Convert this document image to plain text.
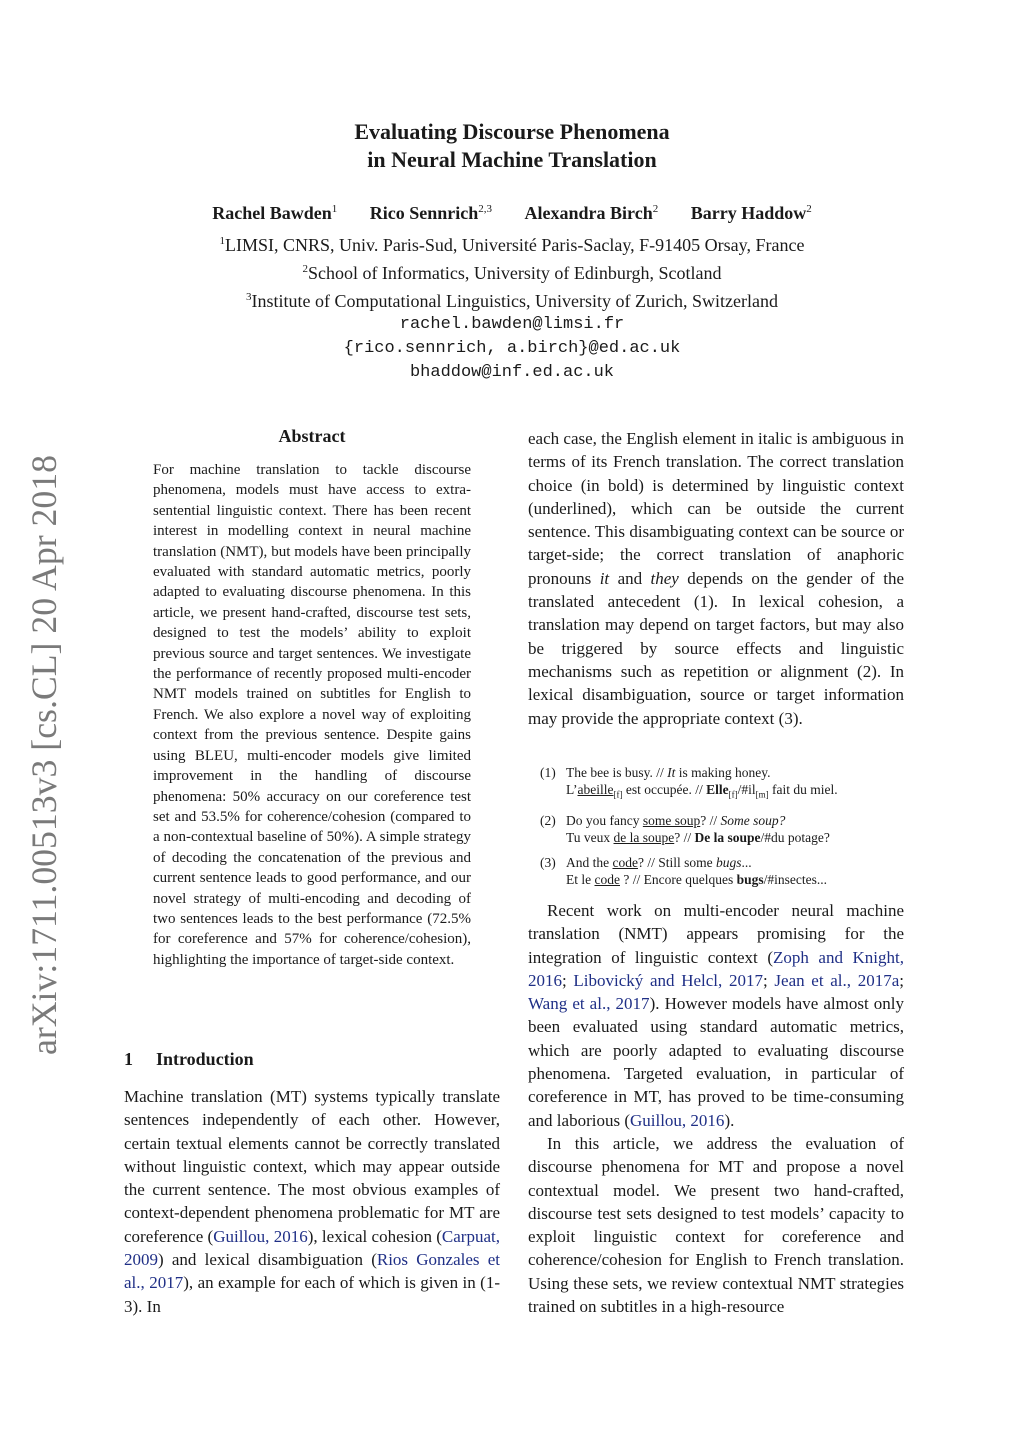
Evaluating Discourse Phenomena
in Neural Machine Translation
Rachel Bawden$^1$ Rico Sennrich$^{2,3}$ Alexandra Birch$^2$ Barry Haddow$^2$
$^1$LIMSI, CNRS, Univ. Paris-Sud, Université Paris-Saclay, F-91405 Orsay, France
$^2$School of Informatics, University of Edinburgh, Scotland
$^3$Institute of Computational Linguistics, University of Zurich, Switzerland
rachel.bawden@limsi.fr
{rico.sennrich, a.birch}@ed.ac.uk
bhaddow@inf.ed.ac.uk
arXiv:1711.00513v3 [cs.CL] 20 Apr 2018
Abstract
For machine translation to tackle discourse phenomena, models must have access to extra-sentential linguistic context. There has been recent interest in modelling context in neural machine translation (NMT), but models have been principally evaluated with standard automatic metrics, poorly adapted to evaluating discourse phenomena. In this article, we present hand-crafted, discourse test sets, designed to test the models’ ability to exploit previous source and target sentences. We investigate the performance of recently proposed multi-encoder NMT models trained on subtitles for English to French. We also explore a novel way of exploiting context from the previous sentence. Despite gains using BLEU, multi-encoder models give limited improvement in the handling of discourse phenomena: 50% accuracy on our coreference test set and 53.5% for coherence/cohesion (compared to a non-contextual baseline of 50%). A simple strategy of decoding the concatenation of the previous and current sentence leads to good performance, and our novel strategy of multi-encoding and decoding of two sentences leads to the best performance (72.5% for coreference and 57% for coherence/cohesion), highlighting the importance of target-side context.
1 Introduction
Machine translation (MT) systems typically translate sentences independently of each other. However, certain textual elements cannot be correctly translated without linguistic context, which may appear outside the current sentence. The most obvious examples of context-dependent phenomena problematic for MT are coreference (Guillou, 2016), lexical cohesion (Carpuat, 2009) and lexical disambiguation (Rios Gonzales et al., 2017), an example for each of which is given in (1-3). In
each case, the English element in italic is ambiguous in terms of its French translation. The correct translation choice (in bold) is determined by linguistic context (underlined), which can be outside the current sentence. This disambiguating context can be source or target-side; the correct translation of anaphoric pronouns it and they depends on the gender of the translated antecedent (1). In lexical cohesion, a translation may depend on target factors, but may also be triggered by source effects and linguistic mechanisms such as repetition or alignment (2). In lexical disambiguation, source or target information may provide the appropriate context (3).
(1) The bee is busy. // It is making honey.
L’abeille$_{[f]}$ est occupée. // $Elle_{[f]}/\#il_{[m]}$ fait du miel.
(2) Do you fancy some soup? // Some soup?
Tu veux de la soupe? // De la soupe/#du potage?
(3) And the code? // Still some bugs...
Et le code ? // Encore quelques bugs/#insectes...
Recent work on multi-encoder neural machine translation (NMT) appears promising for the integration of linguistic context (Zoph and Knight, 2016; Libovický and Helcl, 2017; Jean et al., 2017a; Wang et al., 2017). However models have almost only been evaluated using standard automatic metrics, which are poorly adapted to evaluating discourse phenomena. Targeted evaluation, in particular of coreference in MT, has proved to be time-consuming and laborious (Guillou, 2016).
In this article, we address the evaluation of discourse phenomena for MT and propose a novel contextual model. We present two hand-crafted, discourse test sets designed to test models’ capacity to exploit linguistic context for coreference and coherence/cohesion for English to French translation. Using these sets, we review contextual NMT strategies trained on subtitles in a high-resource
